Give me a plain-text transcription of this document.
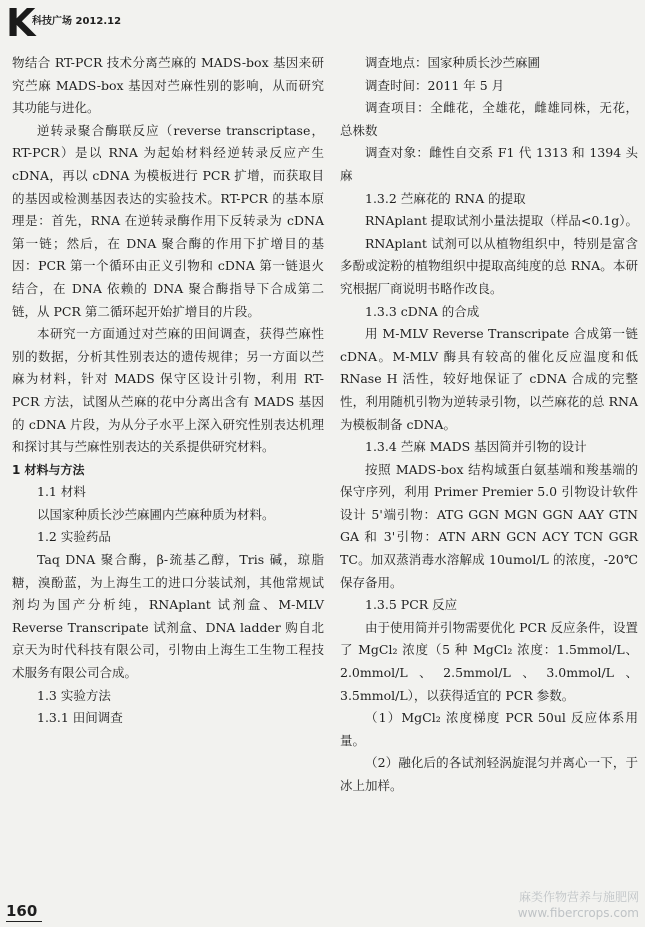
K
科技广场 2012.12

物结合 RT-PCR 技术分离苎麻的 MADS-box 基因来研究苎麻 MADS-box 基因对苎麻性别的影响，从而研究其功能与进化。

逆转录聚合酶联反应（reverse transcriptase，RT-PCR）是以 RNA 为起始材料经逆转录反应产生 cDNA，再以 cDNA 为模板进行 PCR 扩增，而获取目的基因或检测基因表达的实验技术。RT-PCR 的基本原理是：首先，RNA 在逆转录酶作用下反转录为 cDNA 第一链；然后，在 DNA 聚合酶的作用下扩增目的基因：PCR 第一个循环由正义引物和 cDNA 第一链退火结合，在 DNA 依赖的 DNA 聚合酶指导下合成第二链，从 PCR 第二循环起开始扩增目的片段。

本研究一方面通过对苎麻的田间调查，获得苎麻性别的数据，分析其性别表达的遗传规律；另一方面以苎麻为材料，针对 MADS 保守区设计引物，利用 RT-PCR 方法，试图从苎麻的花中分离出含有 MADS 基因的 cDNA 片段，为从分子水平上深入研究性别表达机理和探讨其与苎麻性别表达的关系提供研究材料。

1 材料与方法

1.1 材料

以国家种质长沙苎麻圃内苎麻种质为材料。

1.2 实验药品

Taq DNA 聚合酶，β-巯基乙醇，Tris 碱，琼脂糖，溴酚蓝，为上海生工的进口分装试剂，其他常规试剂均为国产分析纯，RNAplant 试剂盒、M-MLV Reverse Transcripate 试剂盒、DNA ladder 购自北京天为时代科技有限公司，引物由上海生工生物工程技术服务有限公司合成。

1.3 实验方法

1.3.1 田间调查

调查地点：国家种质长沙苎麻圃

调查时间：2011 年 5 月

调查项目：全雌花，全雄花，雌雄同株，无花，总株数

调查对象：雌性自交系 F1 代 1313 和 1394 头麻

1.3.2 苎麻花的 RNA 的提取

RNAplant 提取试剂小量法提取（样品<0.1g）。

RNAplant 试剂可以从植物组织中，特别是富含多酚或淀粉的植物组织中提取高纯度的总 RNA。本研究根据厂商说明书略作改良。

1.3.3 cDNA 的合成

用 M-MLV Reverse Transcripate 合成第一链 cDNA。M-MLV 酶具有较高的催化反应温度和低 RNase H 活性，较好地保证了 cDNA 合成的完整性，利用随机引物为逆转录引物，以苎麻花的总 RNA 为模板制备 cDNA。

1.3.4 苎麻 MADS 基因简并引物的设计

按照 MADS-box 结构域蛋白氨基端和羧基端的保守序列，利用 Primer Premier 5.0 引物设计软件设计 5'端引物：ATG GGN MGN GGN AAY GTN GA 和 3'引物：ATN ARN GCN ACY TCN GGR TC。加双蒸消毒水溶解成 10umol/L 的浓度，-20℃保存备用。

1.3.5 PCR 反应

由于使用简并引物需要优化 PCR 反应条件，设置了 MgCl₂ 浓度（5 种 MgCl₂ 浓度：1.5mmol/L、2.0mmol/L、2.5mmol/L、3.0mmol/L、3.5mmol/L），以获得适宜的 PCR 参数。

（1）MgCl₂ 浓度梯度 PCR 50ul 反应体系用量。

（2）融化后的各试剂轻涡旋混匀并离心一下，于冰上加样。

160
麻类作物营养与施肥网
www.fibercrops.com
